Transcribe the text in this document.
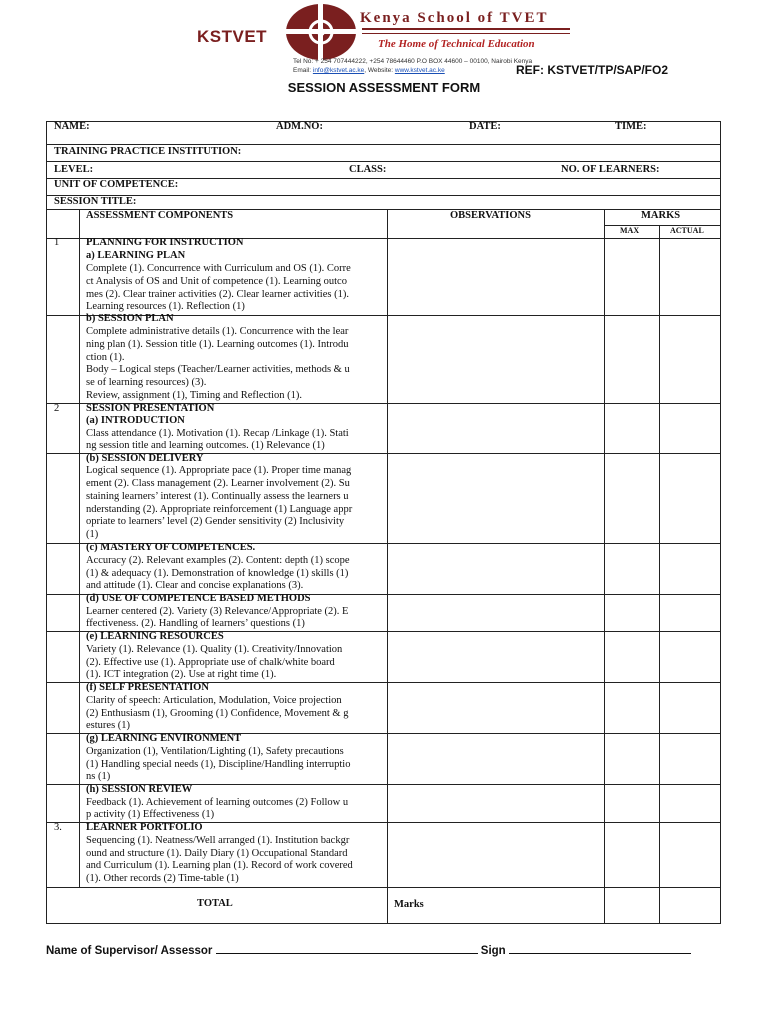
KSTVET
Kenya School of TVET
The Home of Technical Education
Tel No: + 254 707444222, +254 78644460 P.O BOX 44600 – 00100, Nairobi Kenya
Email: info@kstvet.ac.ke, Website: www.kstvet.ac.ke	REF: KSTVET/TP/SAP/FO2
SESSION ASSESSMENT FORM
NAME:	ADM.NO:	DATE:	TIME:
TRAINING PRACTICE INSTITUTION:
LEVEL:	CLASS:	NO. OF LEARNERS:
UNIT OF COMPETENCE:
SESSION TITLE:
ASSESSMENT COMPONENTS	OBSERVATIONS	MARKS
MAX	ACTUAL
1	PLANNING FOR INSTRUCTION
a) LEARNING PLAN
Complete (1). Concurrence with Curriculum and OS (1). Corre
ct Analysis of OS and Unit of competence (1). Learning outco
mes (2). Clear trainer activities (2). Clear learner activities (1).
Learning resources (1). Reflection (1)
b) SESSION PLAN
Complete administrative details (1). Concurrence with the lear
ning plan (1). Session title (1). Learning outcomes (1). Introdu
ction (1).
Body – Logical steps (Teacher/Learner activities, methods & u
se of learning resources) (3).
Review, assignment (1), Timing and Reflection (1).
2	SESSION PRESENTATION
(a) INTRODUCTION
Class attendance (1). Motivation (1). Recap /Linkage (1). Stati
ng session title and learning outcomes. (1) Relevance (1)
(b) SESSION DELIVERY
Logical sequence (1). Appropriate pace (1). Proper time manag
ement (2). Class management (2). Learner involvement (2). Su
staining learners’ interest (1). Continually assess the learners u
nderstanding (2). Appropriate reinforcement (1) Language appr
opriate to learners’ level (2) Gender sensitivity (2) Inclusivity
(1)
(c) MASTERY OF COMPETENCES.
Accuracy (2). Relevant examples (2). Content: depth (1) scope
(1) & adequacy (1). Demonstration of knowledge (1) skills (1)
and attitude (1). Clear and concise explanations (3).
(d) USE OF COMPETENCE BASED METHODS
Learner centered (2). Variety (3) Relevance/Appropriate (2). E
ffectiveness. (2). Handling of learners’ questions (1)
(e) LEARNING RESOURCES
Variety (1). Relevance (1). Quality (1). Creativity/Innovation
(2). Effective use (1). Appropriate use of chalk/white board
(1). ICT integration (2). Use at right time (1).
(f) SELF PRESENTATION
Clarity of speech: Articulation, Modulation, Voice projection
(2) Enthusiasm (1), Grooming (1) Confidence, Movement & g
estures (1)
(g) LEARNING ENVIRONMENT
Organization (1), Ventilation/Lighting (1), Safety precautions
(1) Handling special needs (1), Discipline/Handling interruptio
ns (1)
(h) SESSION REVIEW
Feedback (1). Achievement of learning outcomes (2) Follow u
p activity (1) Effectiveness (1)
3. LEARNER PORTFOLIO
Sequencing (1). Neatness/Well arranged (1). Institution backgr
ound and structure (1). Daily Diary (1) Occupational Standard
and Curriculum (1). Learning plan (1). Record of work covered
(1). Other records (2) Time-table (1)
TOTAL	Marks
Name of Supervisor/ Assessor	Sign
